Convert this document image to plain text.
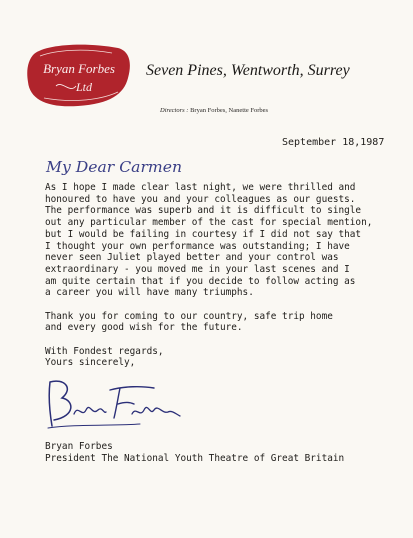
Bryan Forbes
Ltd
Seven Pines, Wentworth, Surrey
Directors : Bryan Forbes, Nanette Forbes
September 18,1987
My Dear Carmen
As I hope I made clear last night, we were thrilled and
honoured to have you and your colleagues as our guests.
The performance was superb and it is difficult to single
out any particular member of the cast for special mention,
but I would be failing in courtesy if I did not say that
I thought your own performance was outstanding; I have
never seen Juliet played better and your control was
extraordinary - you moved me in your last scenes and I
am quite certain that if you decide to follow acting as
a career you will have many triumphs.
Thank you for coming to our country, safe trip home
and every good wish for the future.
With Fondest regards,
Yours sincerely,
Bryan Forbes
President The National Youth Theatre of Great Britain
